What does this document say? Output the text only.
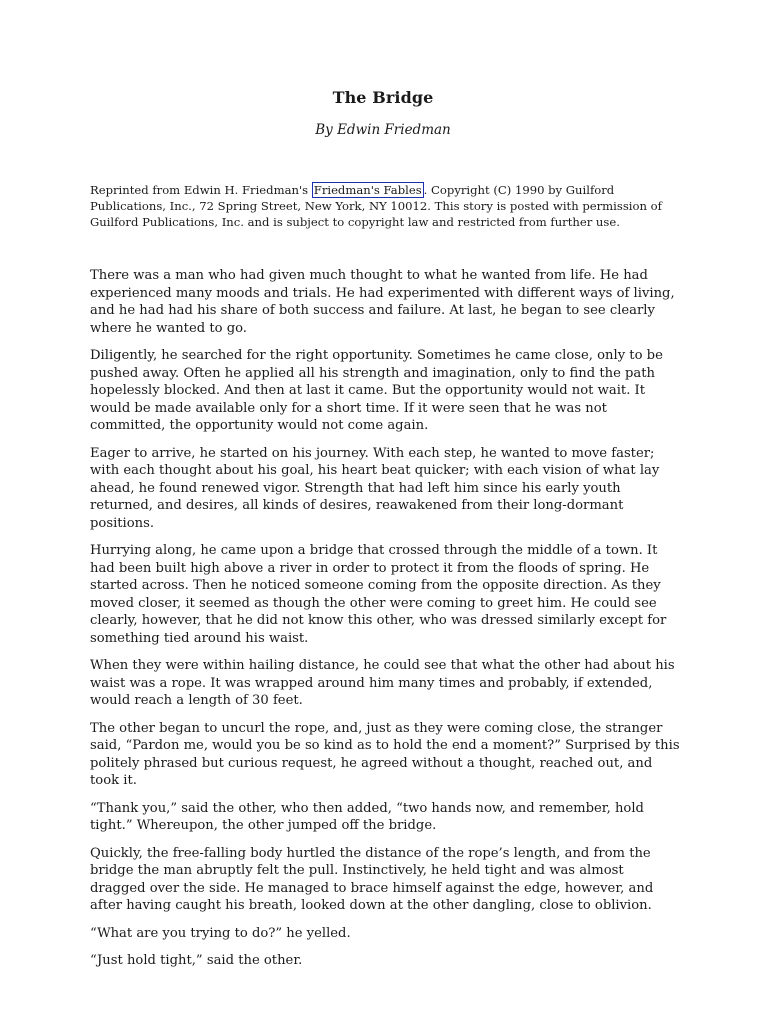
The Bridge
By Edwin Friedman
Reprinted from Edwin H. Friedman's Friedman's Fables . Copyright (C) 1990 by Guilford Publications, Inc., 72 Spring Street, New York, NY 10012. This story is posted with permission of Guilford Publications, Inc. and is subject to copyright law and restricted from further use.

There was a man who had given much thought to what he wanted from life. He had experienced many moods and trials. He had experimented with different ways of living, and he had had his share of both success and failure. At last, he began to see clearly where he wanted to go.

Diligently, he searched for the right opportunity. Sometimes he came close, only to be pushed away. Often he applied all his strength and imagination, only to find the path hopelessly blocked. And then at last it came. But the opportunity would not wait. It would be made available only for a short time. If it were seen that he was not committed, the opportunity would not come again.

Eager to arrive, he started on his journey. With each step, he wanted to move faster; with each thought about his goal, his heart beat quicker; with each vision of what lay ahead, he found renewed vigor. Strength that had left him since his early youth returned, and desires, all kinds of desires, reawakened from their long-dormant positions.

Hurrying along, he came upon a bridge that crossed through the middle of a town. It had been built high above a river in order to protect it from the floods of spring. He started across. Then he noticed someone coming from the opposite direction. As they moved closer, it seemed as though the other were coming to greet him. He could see clearly, however, that he did not know this other, who was dressed similarly except for something tied around his waist.

When they were within hailing distance, he could see that what the other had about his waist was a rope. It was wrapped around him many times and probably, if extended, would reach a length of 30 feet.

The other began to uncurl the rope, and, just as they were coming close, the stranger said, “Pardon me, would you be so kind as to hold the end a moment?” Surprised by this politely phrased but curious request, he agreed without a thought, reached out, and took it.

“Thank you,” said the other, who then added, “two hands now, and remember, hold tight.” Whereupon, the other jumped off the bridge.

Quickly, the free-falling body hurtled the distance of the rope’s length, and from the bridge the man abruptly felt the pull. Instinctively, he held tight and was almost dragged over the side. He managed to brace himself against the edge, however, and after having caught his breath, looked down at the other dangling, close to oblivion.

“What are you trying to do?” he yelled.

“Just hold tight,” said the other.
